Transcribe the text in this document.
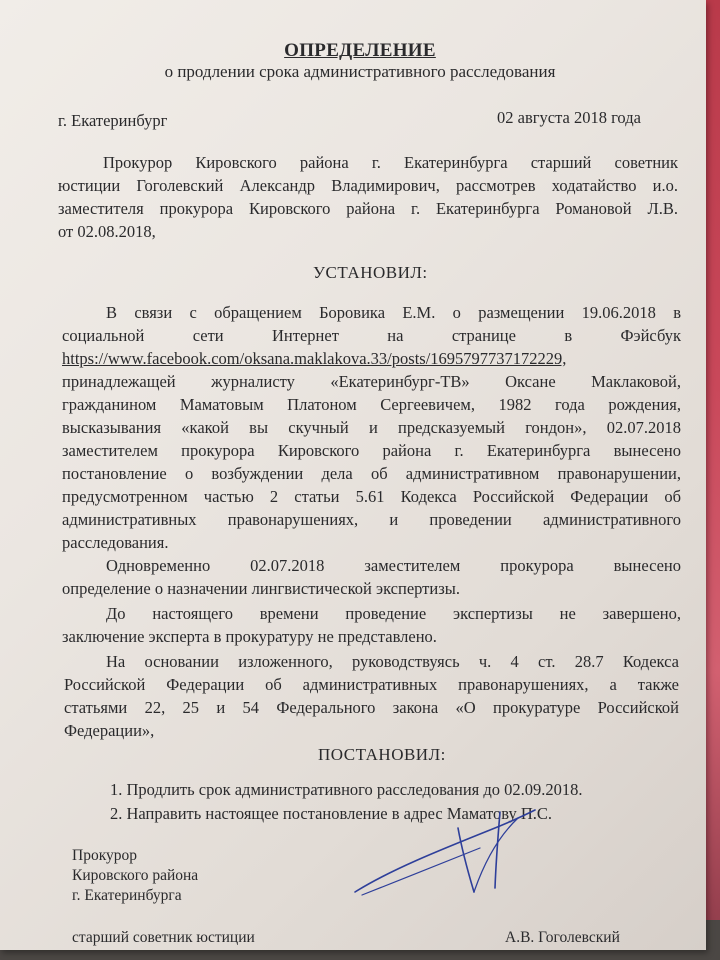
ОПРЕДЕЛЕНИЕ
о продлении срока административного расследования
г. Екатеринбург	02 августа 2018 года
Прокурор Кировского района г. Екатеринбурга старший советник
юстиции Гоголевский Александр Владимирович, рассмотрев ходатайство и.о.
заместителя прокурора Кировского района г. Екатеринбурга Романовой Л.В.
от 02.08.2018,
УСТАНОВИЛ:
В связи с обращением Боровика Е.М. о размещении 19.06.2018 в
социальной сети Интернет на странице в Фэйсбук
https://www.facebook.com/oksana.maklakova.33/posts/1695797737172229,
принадлежащей журналисту «Екатеринбург-ТВ» Оксане Маклаковой,
гражданином Маматовым Платоном Сергеевичем, 1982 года рождения,
высказывания «какой вы скучный и предсказуемый гондон», 02.07.2018
заместителем прокурора Кировского района г. Екатеринбурга вынесено
постановление о возбуждении дела об административном правонарушении,
предусмотренном частью 2 статьи 5.61 Кодекса Российской Федерации об
административных правонарушениях, и проведении административного
расследования.
Одновременно 02.07.2018 заместителем прокурора вынесено
определение о назначении лингвистической экспертизы.
До настоящего времени проведение экспертизы не завершено,
заключение эксперта в прокуратуру не представлено.
На основании изложенного, руководствуясь ч. 4 ст. 28.7 Кодекса
Российской Федерации об административных правонарушениях, а также
статьями 22, 25 и 54 Федерального закона «О прокуратуре Российской
Федерации»,
ПОСТАНОВИЛ:
1. Продлить срок административного расследования до 02.09.2018.
2. Направить настоящее постановление в адрес Маматову П.С.
Прокурор
Кировского района
г. Екатеринбурга
старший советник юстиции	А.В. Гоголевский
